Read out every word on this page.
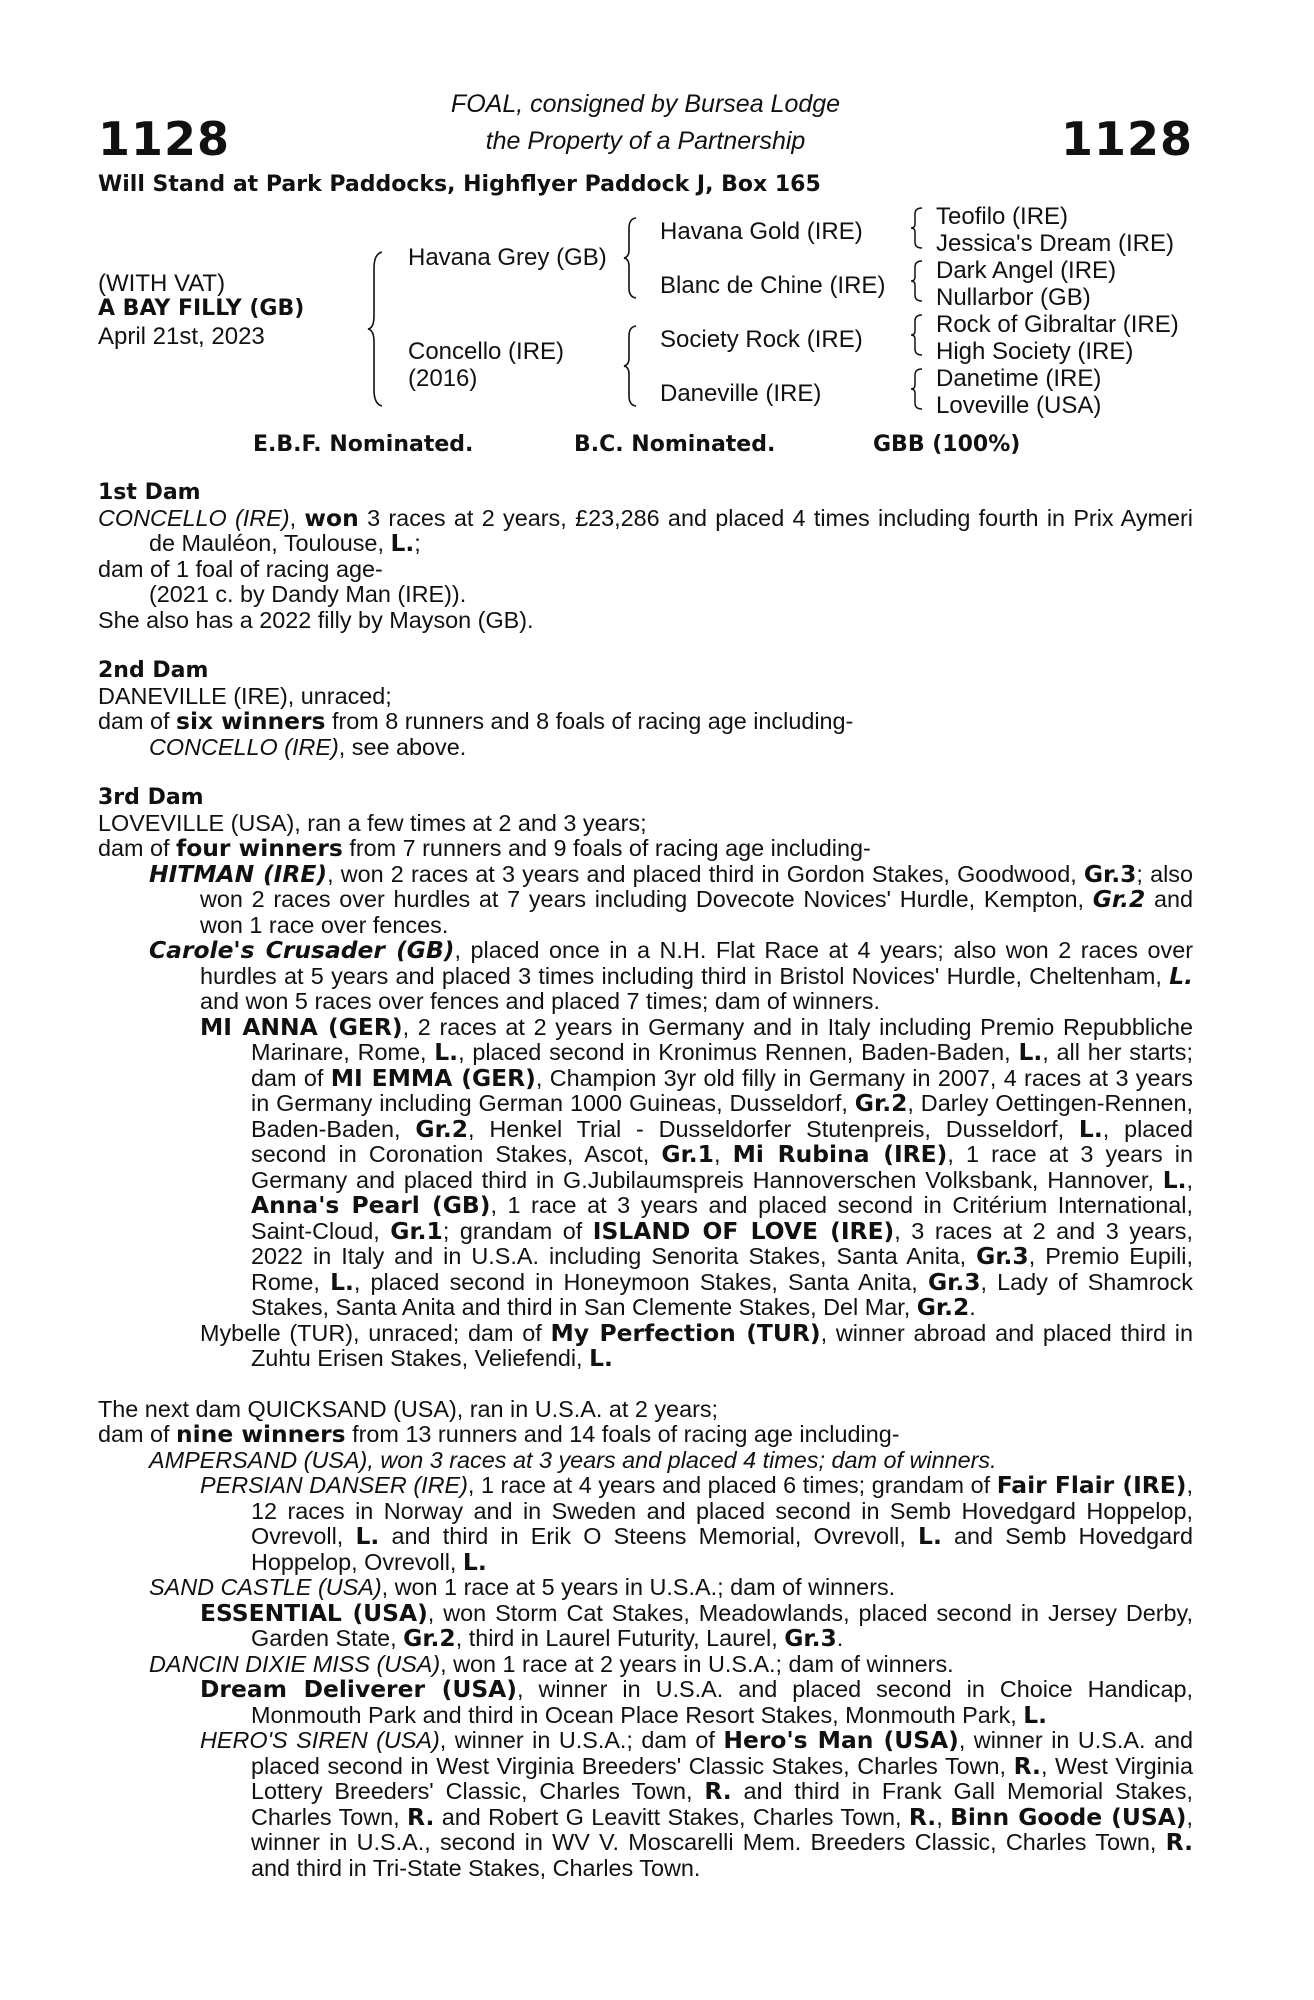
1128	1128
FOAL, consigned by Bursea Lodge
the Property of a Partnership
Will Stand at Park Paddocks, Highflyer Paddock J, Box 165
(WITH VAT)
A BAY FILLY (GB)
April 21st, 2023
Havana Grey (GB)
Concello (IRE)
(2016)
Havana Gold (IRE)
Blanc de Chine (IRE)
Society Rock (IRE)
Daneville (IRE)
Teofilo (IRE)
Jessica's Dream (IRE)
Dark Angel (IRE)
Nullarbor (GB)
Rock of Gibraltar (IRE)
High Society (IRE)
Danetime (IRE)
Loveville (USA)
E.B.F. Nominated.	B.C. Nominated.	GBB (100%)
1st Dam
CONCELLO (IRE), won 3 races at 2 years, £23,286 and placed 4 times including fourth in Prix Aymeri de Mauléon, Toulouse, L.;
dam of 1 foal of racing age-
(2021 c. by Dandy Man (IRE)).
She also has a 2022 filly by Mayson (GB).
2nd Dam
DANEVILLE (IRE), unraced;
dam of six winners from 8 runners and 8 foals of racing age including-
CONCELLO (IRE), see above.
3rd Dam
LOVEVILLE (USA), ran a few times at 2 and 3 years;
dam of four winners from 7 runners and 9 foals of racing age including-
HITMAN (IRE), won 2 races at 3 years and placed third in Gordon Stakes, Goodwood, Gr.3; also won 2 races over hurdles at 7 years including Dovecote Novices' Hurdle, Kempton, Gr.2 and won 1 race over fences.
Carole's Crusader (GB), placed once in a N.H. Flat Race at 4 years; also won 2 races over hurdles at 5 years and placed 3 times including third in Bristol Novices' Hurdle, Cheltenham, L. and won 5 races over fences and placed 7 times; dam of winners.
MI ANNA (GER), 2 races at 2 years in Germany and in Italy including Premio Repubbliche Marinare, Rome, L., placed second in Kronimus Rennen, Baden-Baden, L., all her starts; dam of MI EMMA (GER), Champion 3yr old filly in Germany in 2007, 4 races at 3 years in Germany including German 1000 Guineas, Dusseldorf, Gr.2, Darley Oettingen-Rennen, Baden-Baden, Gr.2, Henkel Trial - Dusseldorfer Stutenpreis, Dusseldorf, L., placed second in Coronation Stakes, Ascot, Gr.1, Mi Rubina (IRE), 1 race at 3 years in Germany and placed third in G.Jubilaumspreis Hannoverschen Volksbank, Hannover, L., Anna's Pearl (GB), 1 race at 3 years and placed second in Critérium International, Saint-Cloud, Gr.1; grandam of ISLAND OF LOVE (IRE), 3 races at 2 and 3 years, 2022 in Italy and in U.S.A. including Senorita Stakes, Santa Anita, Gr.3, Premio Eupili, Rome, L., placed second in Honeymoon Stakes, Santa Anita, Gr.3, Lady of Shamrock Stakes, Santa Anita and third in San Clemente Stakes, Del Mar, Gr.2.
Mybelle (TUR), unraced; dam of My Perfection (TUR), winner abroad and placed third in Zuhtu Erisen Stakes, Veliefendi, L.
The next dam QUICKSAND (USA), ran in U.S.A. at 2 years;
dam of nine winners from 13 runners and 14 foals of racing age including-
AMPERSAND (USA), won 3 races at 3 years and placed 4 times; dam of winners.
PERSIAN DANSER (IRE), 1 race at 4 years and placed 6 times; grandam of Fair Flair (IRE), 12 races in Norway and in Sweden and placed second in Semb Hovedgard Hoppelop, Ovrevoll, L. and third in Erik O Steens Memorial, Ovrevoll, L. and Semb Hovedgard Hoppelop, Ovrevoll, L.
SAND CASTLE (USA), won 1 race at 5 years in U.S.A.; dam of winners.
ESSENTIAL (USA), won Storm Cat Stakes, Meadowlands, placed second in Jersey Derby, Garden State, Gr.2, third in Laurel Futurity, Laurel, Gr.3.
DANCIN DIXIE MISS (USA), won 1 race at 2 years in U.S.A.; dam of winners.
Dream Deliverer (USA), winner in U.S.A. and placed second in Choice Handicap, Monmouth Park and third in Ocean Place Resort Stakes, Monmouth Park, L.
HERO'S SIREN (USA), winner in U.S.A.; dam of Hero's Man (USA), winner in U.S.A. and placed second in West Virginia Breeders' Classic Stakes, Charles Town, R., West Virginia Lottery Breeders' Classic, Charles Town, R. and third in Frank Gall Memorial Stakes, Charles Town, R. and Robert G Leavitt Stakes, Charles Town, R., Binn Goode (USA), winner in U.S.A., second in WV V. Moscarelli Mem. Breeders Classic, Charles Town, R. and third in Tri-State Stakes, Charles Town.
